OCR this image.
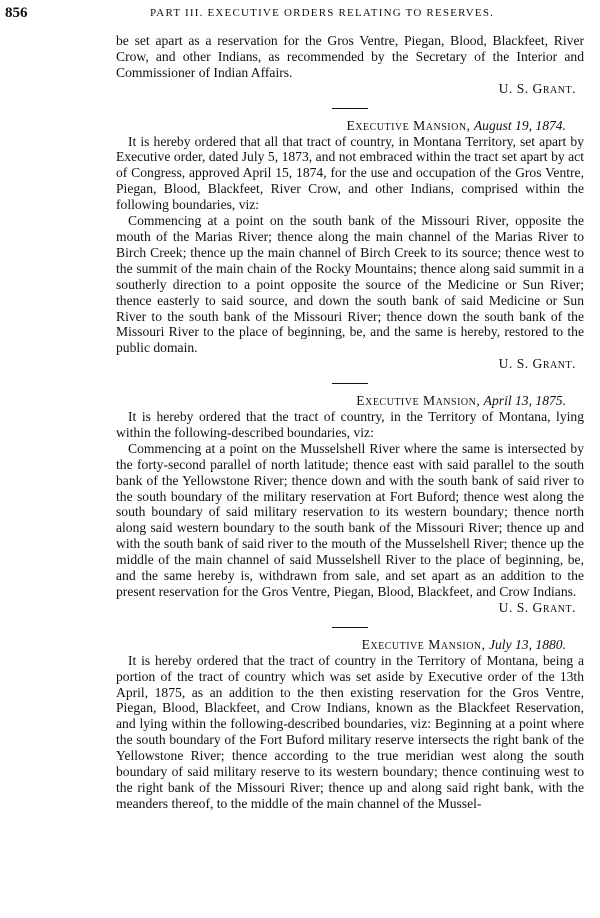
856	PART III. EXECUTIVE ORDERS RELATING TO RESERVES.

be set apart as a reservation for the Gros Ventre, Piegan, Blood, Blackfeet, River Crow, and other Indians, as recommended by the Secretary of the Interior and Commissioner of Indian Affairs.

U. S. Grant.

Executive Mansion, August 19, 1874.

It is hereby ordered that all that tract of country, in Montana Territory, set apart by Executive order, dated July 5, 1873, and not embraced within the tract set apart by act of Congress, approved April 15, 1874, for the use and occupation of the Gros Ventre, Piegan, Blood, Blackfeet, River Crow, and other Indians, comprised within the following boundaries, viz:

Commencing at a point on the south bank of the Missouri River, opposite the mouth of the Marias River; thence along the main channel of the Marias River to Birch Creek; thence up the main channel of Birch Creek to its source; thence west to the summit of the main chain of the Rocky Mountains; thence along said summit in a southerly direction to a point opposite the source of the Medicine or Sun River; thence easterly to said source, and down the south bank of said Medicine or Sun River to the south bank of the Missouri River; thence down the south bank of the Missouri River to the place of beginning, be, and the same is hereby, restored to the public domain.

U. S. Grant.

Executive Mansion, April 13, 1875.

It is hereby ordered that the tract of country, in the Territory of Montana, lying within the following-described boundaries, viz:

Commencing at a point on the Musselshell River where the same is intersected by the forty-second parallel of north latitude; thence east with said parallel to the south bank of the Yellowstone River; thence down and with the south bank of said river to the south boundary of the military reservation at Fort Buford; thence west along the south boundary of said military reservation to its western boundary; thence north along said western boundary to the south bank of the Missouri River; thence up and with the south bank of said river to the mouth of the Musselshell River; thence up the middle of the main channel of said Musselshell River to the place of beginning, be, and the same hereby is, withdrawn from sale, and set apart as an addition to the present reservation for the Gros Ventre, Piegan, Blood, Blackfeet, and Crow Indians.

U. S. Grant.

Executive Mansion, July 13, 1880.

It is hereby ordered that the tract of country in the Territory of Montana, being a portion of the tract of country which was set aside by Executive order of the 13th April, 1875, as an addition to the then existing reservation for the Gros Ventre, Piegan, Blood, Blackfeet, and Crow Indians, known as the Blackfeet Reservation, and lying within the following-described boundaries, viz: Beginning at a point where the south boundary of the Fort Buford military reserve intersects the right bank of the Yellowstone River; thence according to the true meridian west along the south boundary of said military reserve to its western boundary; thence continuing west to the right bank of the Missouri River; thence up and along said right bank, with the meanders thereof, to the middle of the main channel of the Mussel-
